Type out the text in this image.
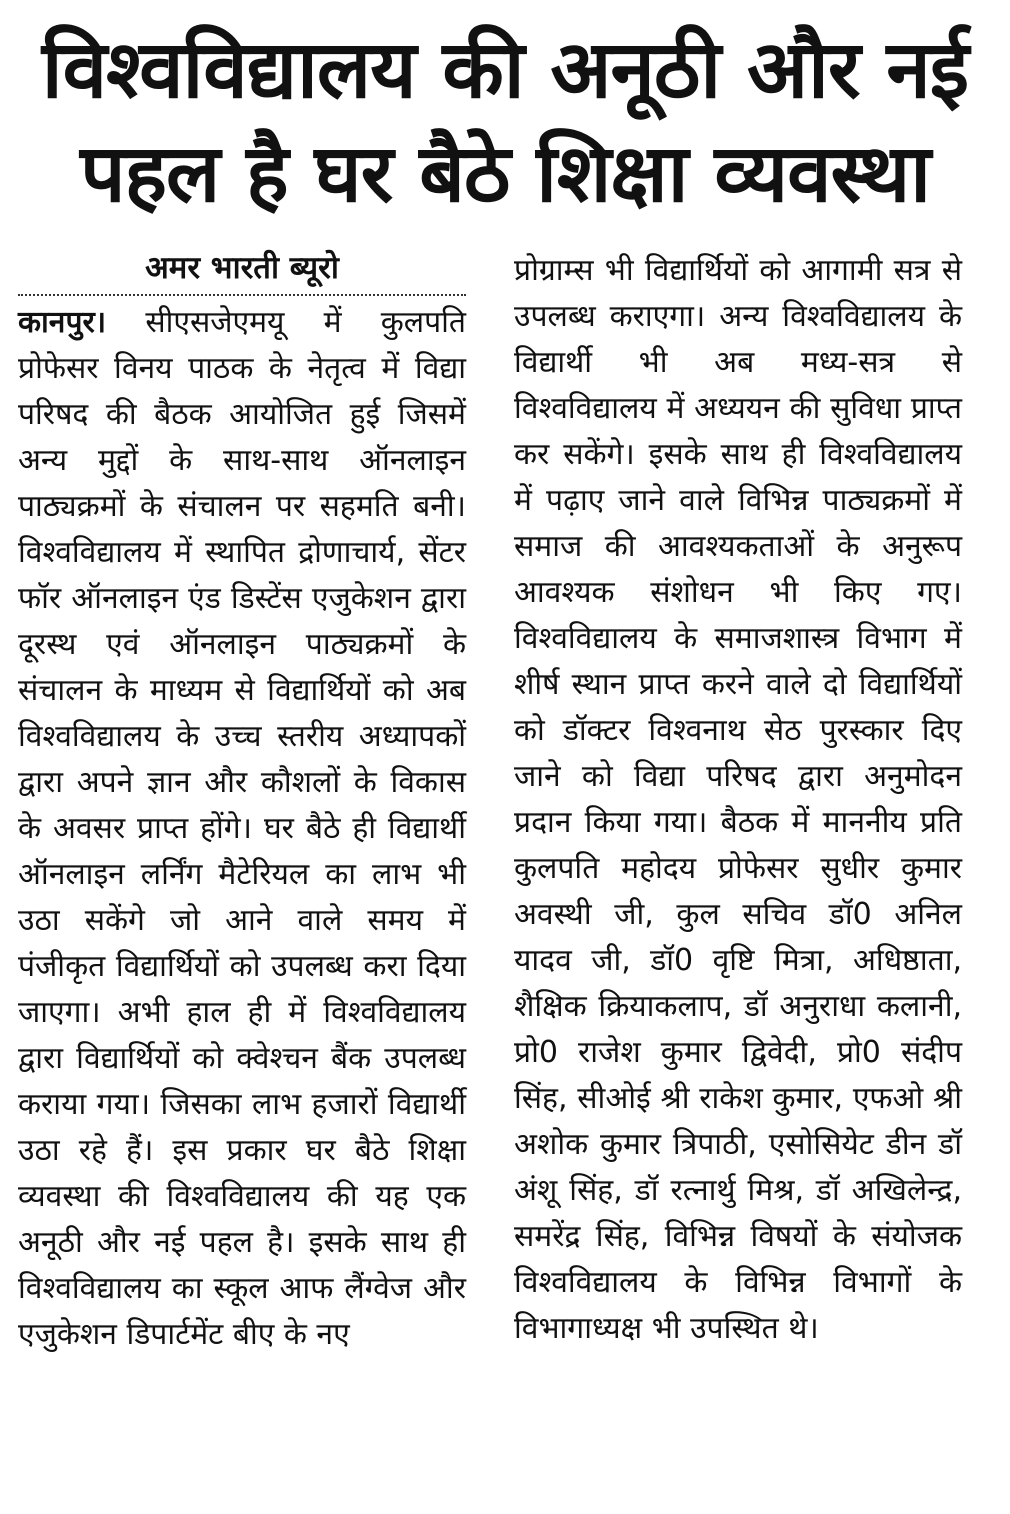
विश्वविद्यालय की अनूठी और नई
पहल है घर बैठे शिक्षा व्यवस्था
अमर भारती ब्यूरो

कानपुर। सीएसजेएमयू में कुलपति प्रोफेसर विनय पाठक के नेतृत्व में विद्या परिषद की बैठक आयोजित हुई जिसमें अन्य मुद्दों के साथ-साथ ऑनलाइन पाठ्यक्रमों के संचालन पर सहमति बनी। विश्वविद्यालय में स्थापित द्रोणाचार्य, सेंटर फॉर ऑनलाइन एंड डिस्टेंस एजुकेशन द्वारा दूरस्थ एवं ऑनलाइन पाठ्यक्रमों के संचालन के माध्यम से विद्यार्थियों को अब विश्वविद्यालय के उच्च स्तरीय अध्यापकों द्वारा अपने ज्ञान और कौशलों के विकास के अवसर प्राप्त होंगे। घर बैठे ही विद्यार्थी ऑनलाइन लर्निंग मैटेरियल का लाभ भी उठा सकेंगे जो आने वाले समय में पंजीकृत विद्यार्थियों को उपलब्ध करा दिया जाएगा। अभी हाल ही में विश्वविद्यालय द्वारा विद्यार्थियों को क्वेश्चन बैंक उपलब्ध कराया गया। जिसका लाभ हजारों विद्यार्थी उठा रहे हैं। इस प्रकार घर बैठे शिक्षा व्यवस्था की विश्वविद्यालय की यह एक अनूठी और नई पहल है। इसके साथ ही विश्वविद्यालय का स्कूल आफ लैंग्वेज और एजुकेशन डिपार्टमेंट बीए के नए

प्रोग्राम्स भी विद्यार्थियों को आगामी सत्र से उपलब्ध कराएगा। अन्य विश्वविद्यालय के विद्यार्थी भी अब मध्य-सत्र से विश्वविद्यालय में अध्ययन की सुविधा प्राप्त कर सकेंगे। इसके साथ ही विश्वविद्यालय में पढ़ाए जाने वाले विभिन्न पाठ्यक्रमों में समाज की आवश्यकताओं के अनुरूप आवश्यक संशोधन भी किए गए। विश्वविद्यालय के समाजशास्त्र विभाग में शीर्ष स्थान प्राप्त करने वाले दो विद्यार्थियों को डॉक्टर विश्वनाथ सेठ पुरस्कार दिए जाने को विद्या परिषद द्वारा अनुमोदन प्रदान किया गया। बैठक में माननीय प्रति कुलपति महोदय प्रोफेसर सुधीर कुमार अवस्थी जी, कुल सचिव डॉ0 अनिल यादव जी, डॉ0 वृष्टि मित्रा, अधिष्ठाता, शैक्षिक क्रियाकलाप, डॉ अनुराधा कलानी, प्रो0 राजेश कुमार द्विवेदी, प्रो0 संदीप सिंह, सीओई श्री राकेश कुमार, एफओ श्री अशोक कुमार त्रिपाठी, एसोसियेट डीन डॉ अंशू सिंह, डॉ रत्नार्थु मिश्र, डॉ अखिलेन्द्र, समरेंद्र सिंह, विभिन्न विषयों के संयोजक विश्वविद्यालय के विभिन्न विभागों के विभागाध्यक्ष भी उपस्थित थे।
